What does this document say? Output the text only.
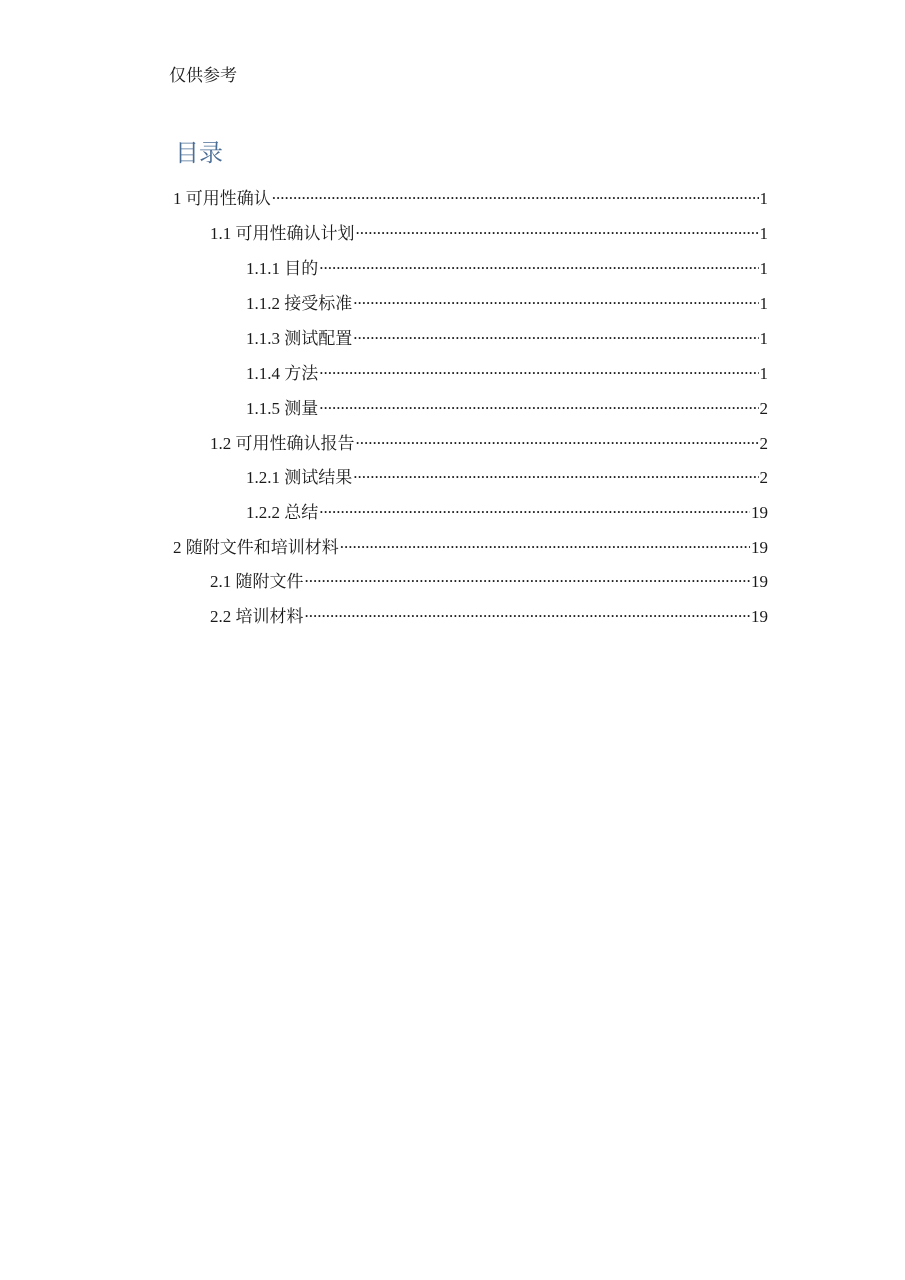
仅供参考
目录
1 可用性确认 .....	1
1.1 可用性确认计划 .....	1
1.1.1 目的 .....	1
1.1.2 接受标准 .....	1
1.1.3 测试配置 .....	1
1.1.4 方法 .....	1
1.1.5 测量 .....	2
1.2 可用性确认报告 .....	2
1.2.1 测试结果 .....	2
1.2.2 总结 .....	19
2 随附文件和培训材料 .....	19
2.1 随附文件 .....	19
2.2 培训材料 .....	19
